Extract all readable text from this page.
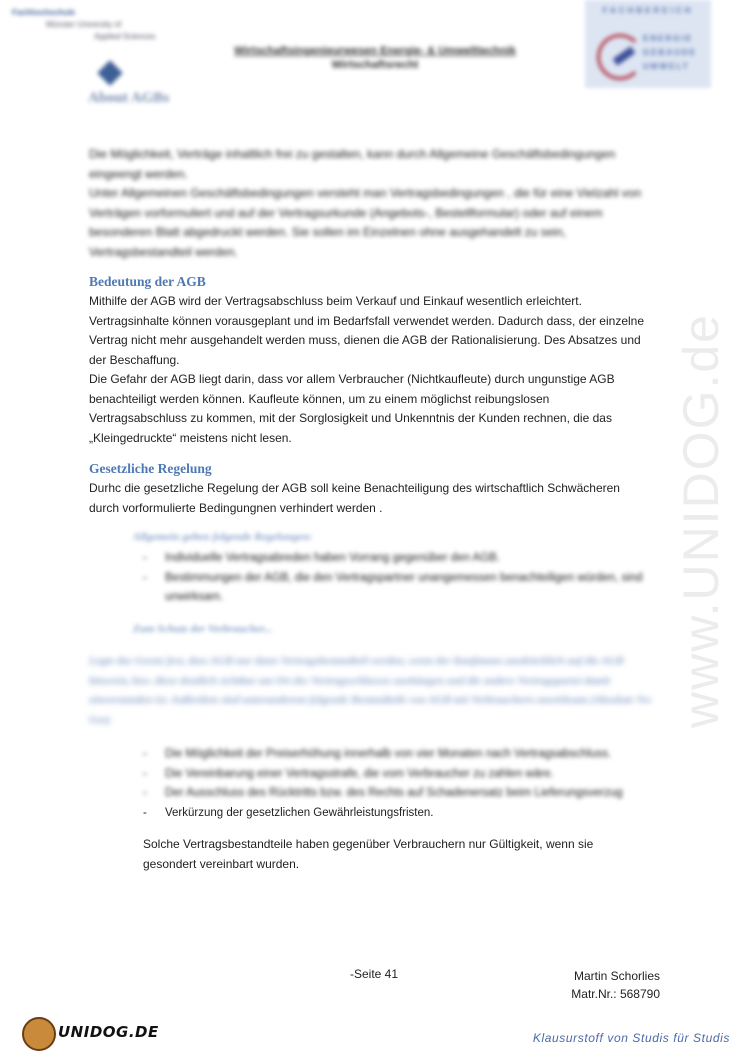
Fachhochschule
Münster University of
Applied Sciences
Wirtschaftsingenieurwesen Energie- & Umwelttechnik
Wirtschaftsrecht
FACHBEREICH
ENERGIE
GEBAUDE
UMWELT
About AGBs
Die Möglichkeit, Verträge inhaltlich frei zu gestalten, kann durch Allgemeine Geschäftsbedingungen eingeengt werden.
Unter Allgemeinen Geschäftsbedingungen versteht man Vertragsbedingungen , die für eine Vielzahl von Verträgen vorformuliert und auf der Vertragsurkunde (Angebots-, Bestellformular) oder auf einem besonderen Blatt abgedruckt werden. Sie sollen im Einzelnen ohne ausgehandelt zu sein, Vertragsbestandteil werden.
Bedeutung der AGB
Mithilfe der AGB wird der Vertragsabschluss beim Verkauf und Einkauf wesentlich erleichtert. Vertragsinhalte können vorausgeplant und im Bedarfsfall verwendet werden. Dadurch dass, der einzelne Vertrag nicht mehr ausgehandelt werden muss, dienen die AGB der Rationalisierung. Des Absatzes und der Beschaffung.
Die Gefahr der AGB liegt darin, dass vor allem Verbraucher (Nichtkaufleute) durch ungunstige AGB benachteiligt werden können. Kaufleute können, um zu einem möglichst reibungslosen Vertragsabschluss zu kommen, mit der Sorglosigkeit und Unkenntnis der Kunden rechnen, die das „Kleingedruckte“ meistens nicht lesen.
Gesetzliche Regelung
Durhc die gesetzliche Regelung der AGB soll keine Benachteiligung des wirtschaftlich Schwächeren durch vorformulierte Bedingungnen verhindert werden .
Allgemein gelten folgende Regelungen:
- Individuelle Vertragsabreden haben Vorrang gegenüber den AGB.
- Bestimmungen der AGB, die den Vertragspartner unangemessen benachteiligen würden, sind unwirksam.
Zum Schutz der Verbraucher...
Legte das Gesetz fest, dass AGB nur dann Vertragsbestandteil werden, wenn der Kaufmann ausdrücklich auf die AGB hinweist, bzw. diese deutlich sichtbar am Ort des Vertragsschlusses aushängen und die andere Vertragspartei damit einverstanden ist. Außerdem sind unteranderem folgende Bestandteile von AGB mit Verbrauchern unwirksam (Absolute No-Gos)
- Die Möglichkeit der Preiserhöhung innerhalb von vier Monaten nach Vertragsabschluss.
- Die Vereinbarung einer Vertragsstrafe, die vom Verbraucher zu zahlen wäre.
- Der Ausschluss des Rücktritts bzw. des Rechts auf Schadenersatz beim Lieferungsverzug
- Verkürzung der gesetzlichen Gewährleistungsfristen.
Solche Vertragsbestandteile haben gegenüber Verbrauchern nur Gültigkeit, wenn sie gesondert vereinbart wurden.
-Seite 41	Martin Schorlies
Matr.Nr.: 568790
www.UNIDOG.de
UNIDOG.DE	Klausurstoff von Studis für Studis
